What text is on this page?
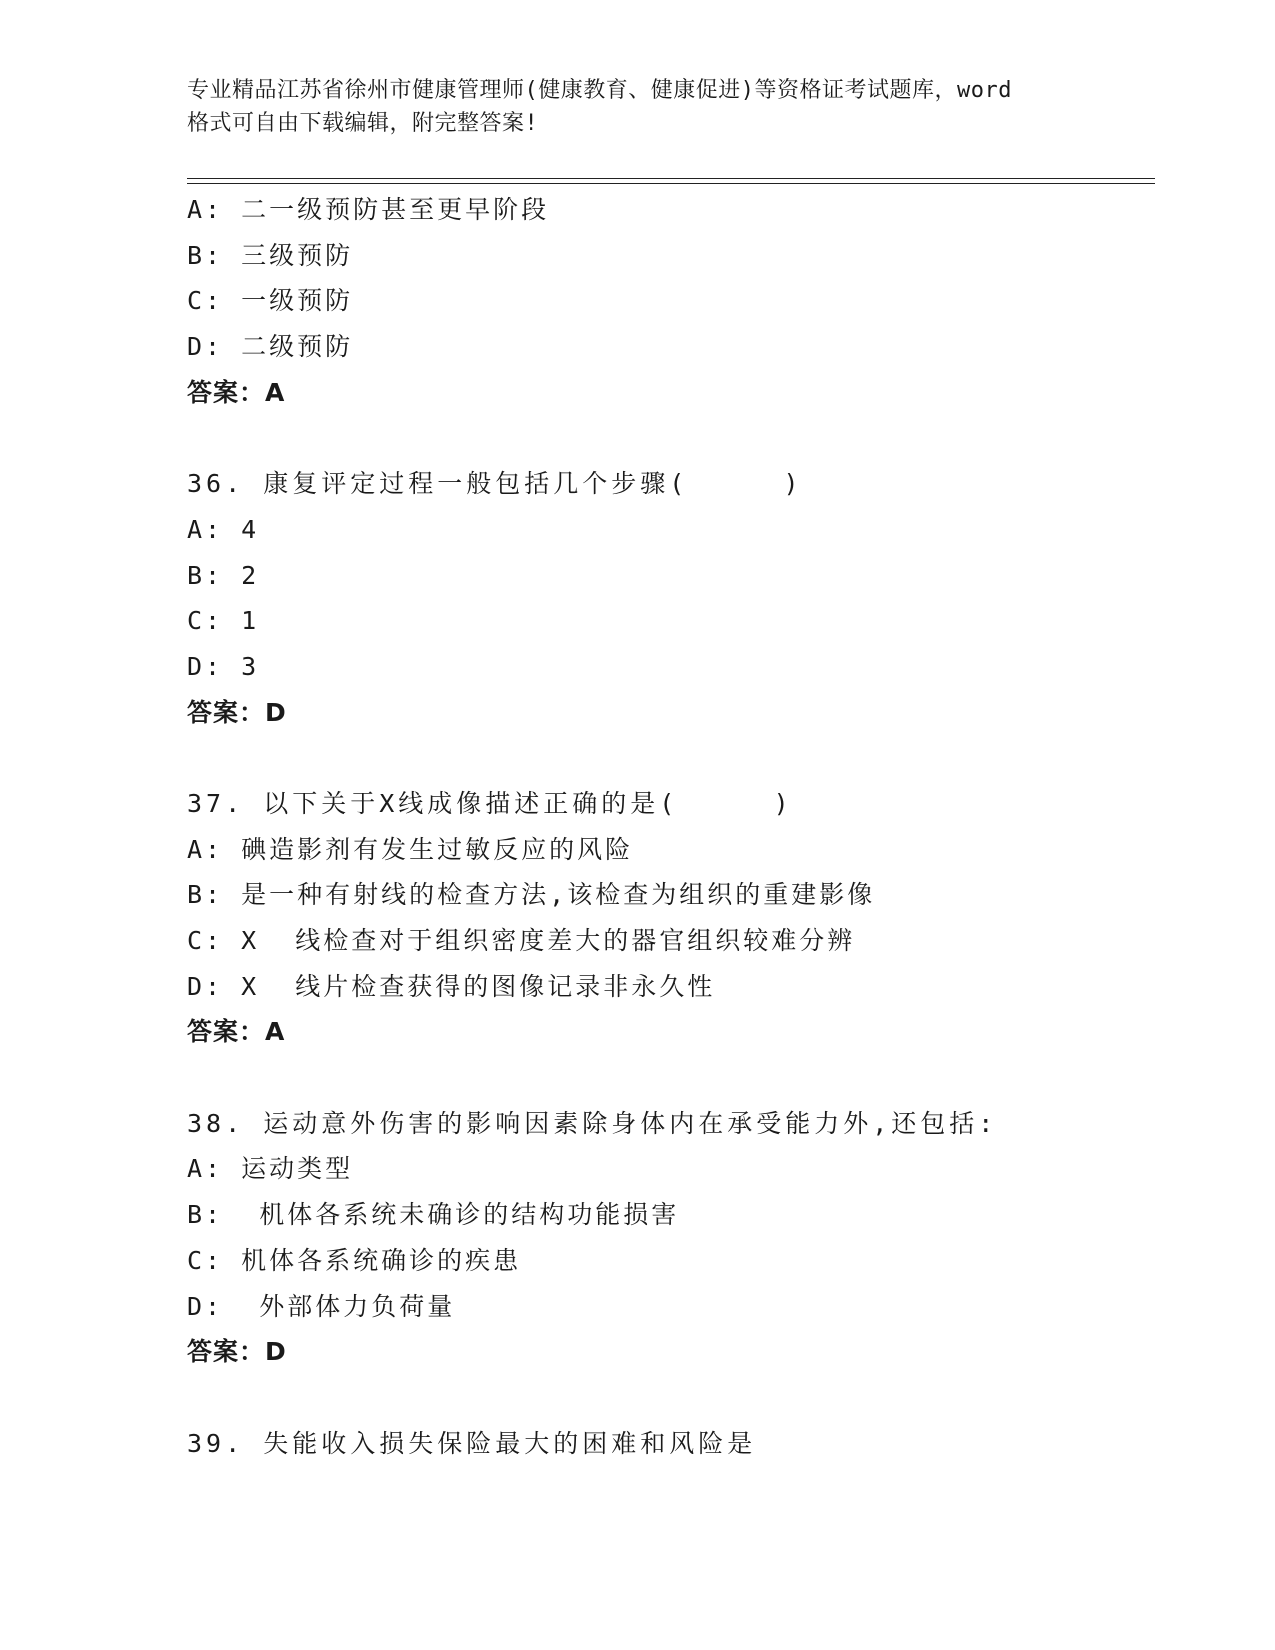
专业精品江苏省徐州市健康管理师(健康教育、健康促进)等资格证考试题库，word
格式可自由下载编辑，附完整答案!
A: 二一级预防甚至更早阶段
B: 三级预防
C: 一级预防
D: 二级预防
答案：A
36. 康复评定过程一般包括几个步骤(     )
A: 4
B: 2
C: 1
D: 3
答案：D
37. 以下关于X线成像描述正确的是(     )
A: 碘造影剂有发生过敏反应的风险
B: 是一种有射线的检查方法,该检查为组织的重建影像
C: X  线检查对于组织密度差大的器官组织较难分辨
D: X  线片检查获得的图像记录非永久性
答案：A
38. 运动意外伤害的影响因素除身体内在承受能力外,还包括:
A: 运动类型
B:  机体各系统未确诊的结构功能损害
C: 机体各系统确诊的疾患
D:  外部体力负荷量
答案：D
39. 失能收入损失保险最大的困难和风险是
